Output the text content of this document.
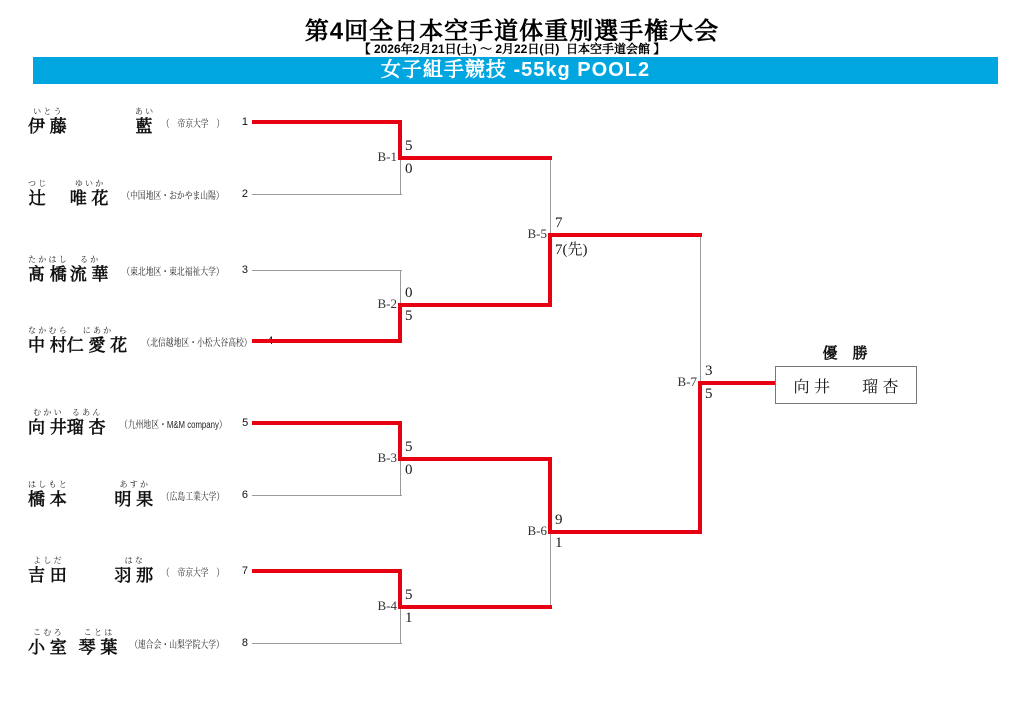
第4回全日本空手道体重別選手権大会
【 2026年2月21日(土) ～ 2月22日(日)  日本空手道会館 】
女子組手競技 -55kg POOL2
い と う
伊 藤
あ い
藍 （　帝京大学　）	1
つ じ
辻
ゆ い か
唯 花 （中国地区・おかやま山陽）	2
た か は し
髙 橋
る か
流 華 （東北地区・東北福祉大学）	3
な か む ら
中 村
に あ か
仁 愛 花 （北信越地区・小松大谷高校）
む か い
向 井
る あ ん
瑠 杏 （九州地区・M&M company） 5
は し も と
橋 本
あ す か
明 果 （広島工業大学）	6
よ し だ
吉 田
は な
羽 那 （　帝京大学　）	7
こ む ろ
小 室
こ と は
琴 葉 （連合会・山梨学院大学）	8
B-1
5
0
B-2
0
5
B-3
5
0
B-4
5
1
B-5
7
7(先)
B-6
9
1
B-7
3
5
優　勝
向 井　　瑠 杏
